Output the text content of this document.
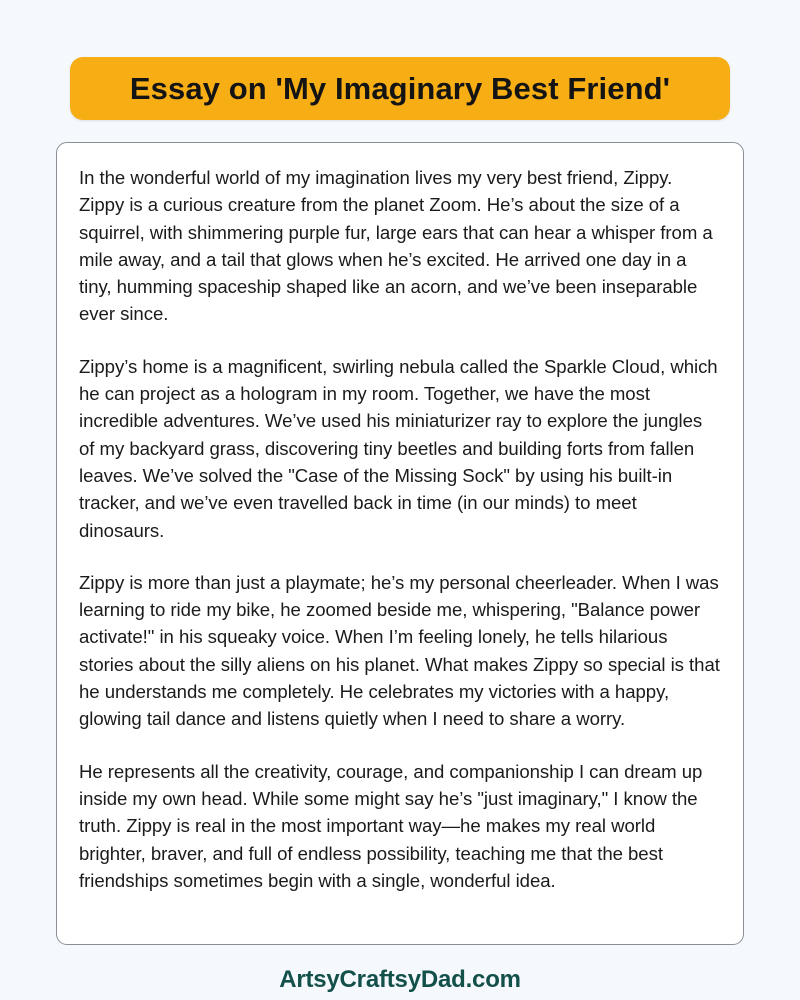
Essay on 'My Imaginary Best Friend'

In the wonderful world of my imagination lives my very best friend, Zippy. Zippy is a curious creature from the planet Zoom. He’s about the size of a squirrel, with shimmering purple fur, large ears that can hear a whisper from a mile away, and a tail that glows when he’s excited. He arrived one day in a tiny, humming spaceship shaped like an acorn, and we’ve been inseparable ever since.

Zippy’s home is a magnificent, swirling nebula called the Sparkle Cloud, which he can project as a hologram in my room. Together, we have the most incredible adventures. We’ve used his miniaturizer ray to explore the jungles of my backyard grass, discovering tiny beetles and building forts from fallen leaves. We’ve solved the "Case of the Missing Sock" by using his built-in tracker, and we’ve even travelled back in time (in our minds) to meet dinosaurs.

Zippy is more than just a playmate; he’s my personal cheerleader. When I was learning to ride my bike, he zoomed beside me, whispering, "Balance power activate!" in his squeaky voice. When I’m feeling lonely, he tells hilarious stories about the silly aliens on his planet. What makes Zippy so special is that he understands me completely. He celebrates my victories with a happy, glowing tail dance and listens quietly when I need to share a worry.

He represents all the creativity, courage, and companionship I can dream up inside my own head. While some might say he’s "just imaginary," I know the truth. Zippy is real in the most important way—he makes my real world brighter, braver, and full of endless possibility, teaching me that the best friendships sometimes begin with a single, wonderful idea.

ArtsyCraftsyDad.com
